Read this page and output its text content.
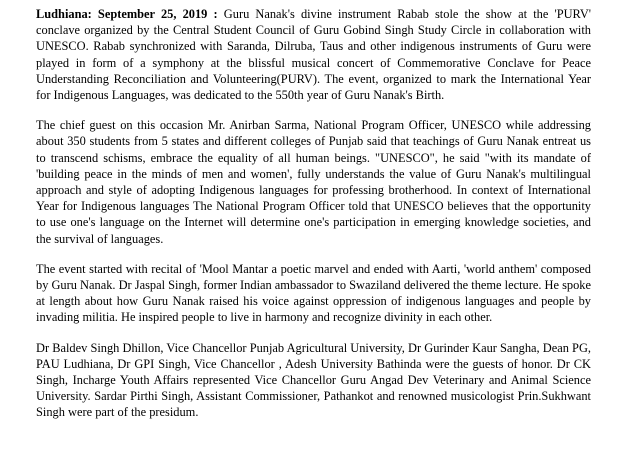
Ludhiana: September 25, 2019 : Guru Nanak's divine instrument Rabab stole the show at the 'PURV' conclave organized by the Central Student Council of Guru Gobind Singh Study Circle in collaboration with UNESCO. Rabab synchronized with Saranda, Dilruba, Taus and other indigenous instruments of Guru were played in form of a symphony at the blissful musical concert of Commemorative Conclave for Peace Understanding Reconciliation and Volunteering(PURV). The event, organized to mark the International Year for Indigenous Languages, was dedicated to the 550th year of Guru Nanak's Birth.

The chief guest on this occasion Mr. Anirban Sarma, National Program Officer, UNESCO while addressing about 350 students from 5 states and different colleges of Punjab said that teachings of Guru Nanak entreat us to transcend schisms, embrace the equality of all human beings. "UNESCO", he said "with its mandate of 'building peace in the minds of men and women', fully understands the value of Guru Nanak's multilingual approach and style of adopting Indigenous languages for professing brotherhood. In context of International Year for Indigenous languages The National Program Officer told that UNESCO believes that the opportunity to use one's language on the Internet will determine one's participation in emerging knowledge societies, and the survival of languages.

The event started with recital of 'Mool Mantar a poetic marvel and ended with Aarti, 'world anthem' composed by Guru Nanak. Dr Jaspal Singh, former Indian ambassador to Swaziland delivered the theme lecture. He spoke at length about how Guru Nanak raised his voice against oppression of indigenous languages and people by invading militia. He inspired people to live in harmony and recognize divinity in each other.

Dr Baldev Singh Dhillon, Vice Chancellor Punjab Agricultural University, Dr Gurinder Kaur Sangha, Dean PG, PAU Ludhiana, Dr GPI Singh, Vice Chancellor , Adesh University Bathinda were the guests of honor. Dr CK Singh, Incharge Youth Affairs represented Vice Chancellor Guru Angad Dev Veterinary and Animal Science University. Sardar Pirthi Singh, Assistant Commissioner, Pathankot and renowned musicologist Prin.Sukhwant Singh were part of the presidum.
